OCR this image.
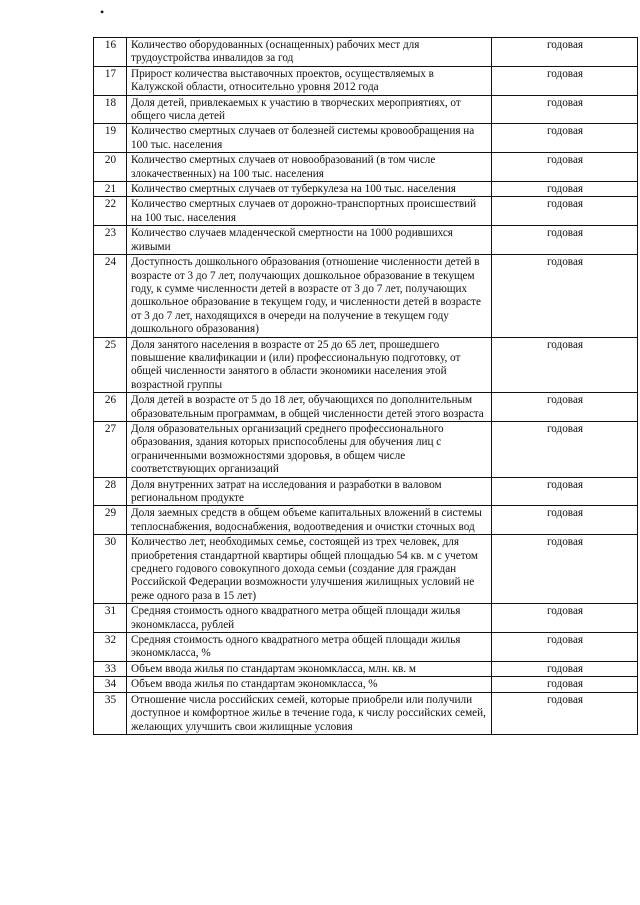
•
16	Количество оборудованных (оснащенных) рабочих мест для трудоустройства инвалидов за год	годовая
17	Прирост количества выставочных проектов, осуществляемых в Калужской области, относительно уровня 2012 года	годовая
18	Доля детей, привлекаемых к участию в творческих мероприятиях, от общего числа детей	годовая
19	Количество смертных случаев от болезней системы кровообращения на 100 тыс. населения	годовая
20	Количество смертных случаев от новообразований (в том числе злокачественных) на 100 тыс. населения	годовая
21	Количество смертных случаев от туберкулеза на 100 тыс. населения	годовая
22	Количество смертных случаев от дорожно-транспортных происшествий на 100 тыс. населения	годовая
23	Количество случаев младенческой смертности на 1000 родившихся живыми	годовая
24	Доступность дошкольного образования (отношение численности детей в возрасте от 3 до 7 лет, получающих дошкольное образование в текущем году, к сумме численности детей в возрасте от 3 до 7 лет, получающих дошкольное образование в текущем году, и численности детей в возрасте от 3 до 7 лет, находящихся в очереди на получение в текущем году дошкольного образования)	годовая
25	Доля занятого населения в возрасте от 25 до 65 лет, прошедшего повышение квалификации и (или) профессиональную подготовку, от общей численности занятого в области экономики населения этой возрастной группы	годовая
26	Доля детей в возрасте от 5 до 18 лет, обучающихся по дополнительным образовательным программам, в общей численности детей этого возраста	годовая
27	Доля образовательных организаций среднего профессионального образования, здания которых приспособлены для обучения лиц с ограниченными возможностями здоровья, в общем числе соответствующих организаций	годовая
28	Доля внутренних затрат на исследования и разработки в валовом региональном продукте	годовая
29	Доля заемных средств в общем объеме капитальных вложений в системы теплоснабжения, водоснабжения, водоотведения и очистки сточных вод	годовая
30	Количество лет, необходимых семье, состоящей из трех человек, для приобретения стандартной квартиры общей площадью 54 кв. м с учетом среднего годового совокупного дохода семьи (создание для граждан Российской Федерации возможности улучшения жилищных условий не реже одного раза в 15 лет)	годовая
31	Средняя стоимость одного квадратного метра общей площади жилья экономкласса, рублей	годовая
32	Средняя стоимость одного квадратного метра общей площади жилья экономкласса, %	годовая
33	Объем ввода жилья по стандартам экономкласса, млн. кв. м	годовая
34	Объем ввода жилья по стандартам экономкласса, %	годовая
35	Отношение числа российских семей, которые приобрели или получили доступное и комфортное жилье в течение года, к числу российских семей, желающих улучшить свои жилищные условия	годовая
